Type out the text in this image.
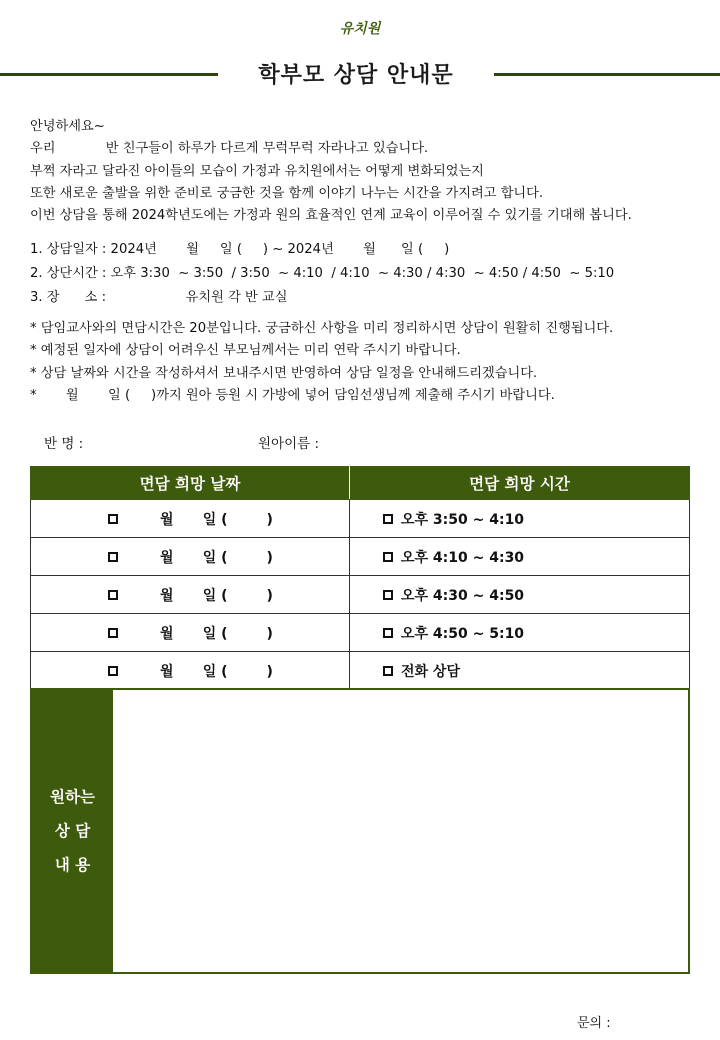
유치원
학부모 상담 안내문

안녕하세요~

우리            반 친구들이 하루가 다르게 무럭무럭 자라나고 있습니다.

부쩍 자라고 달라진 아이들의 모습이 가정과 유치원에서는 어떻게 변화되었는지

또한 새로운 출발을 위한 준비로 궁금한 것을 함께 이야기 나누는 시간을 가지려고 합니다.

이번 상담을 통해 2024학년도에는 가정과 원의 효율적인 연계 교육이 이루어질 수 있기를 기대해 봅니다.

1. 상담일자 : 2024년       월     일 (     ) ~ 2024년       월      일 (     )

2. 상단시간 : 오후 3:30  ~ 3:50  / 3:50  ~ 4:10  / 4:10  ~ 4:30 / 4:30  ~ 4:50 / 4:50  ~ 5:10

3. 장      소 :                   유치원 각 반 교실

* 담임교사와의 면담시간은 20분입니다. 궁금하신 사항을 미리 정리하시면 상담이 원활히 진행됩니다.

* 예정된 일자에 상담이 어려우신 부모님께서는 미리 연락 주시기 바랍니다.

* 상담 날짜와 시간을 작성하셔서 보내주시면 반영하여 상담 일정을 안내해드리겠습니다.

*       월       일 (     )까지 원아 등원 시 가방에 넣어 담임선생님께 제출해 주시기 바랍니다.

반 명 :	원아이름 :
면담 희망 날짜	면담 희망 시간
월      일 (        )	오후 3:50 ~ 4:10
월      일 (        )	오후 4:10 ~ 4:30
월      일 (        )	오후 4:30 ~ 4:50
월      일 (        )	오후 4:50 ~ 5:10
월      일 (        )	전화 상담
원하는
상 담
내 용
문의 :
